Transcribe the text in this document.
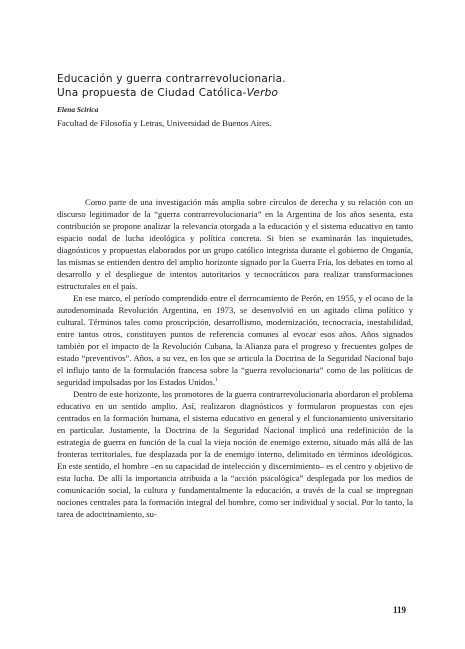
Educación y guerra contrarrevolucionaria.
Una propuesta de Ciudad Católica-Verbo

Elena Scirica

Facultad de Filosofía y Letras, Universidad de Buenos Aires.

Como parte de una investigación más amplia sobre círculos de derecha y su relación con un discurso legitimador de la “guerra contrarrevolucionaria” en la Argentina de los años sesenta, esta contribución se propone analizar la relevancia otorgada a la educación y el sistema educativo en tanto espacio nodal de lucha ideológica y política concreta. Si bien se examinarán las inquietudes, diagnósticos y propuestas elaborados por un grupo católico integrista durante el gobierno de Onganía, las mismas se entienden dentro del amplio horizonte signado por la Guerra Fría, los debates en torno al desarrollo y el despliegue de intentos autoritarios y tecnocráticos para realizar transformaciones estructurales en el país.

En ese marco, el período comprendido entre el derrocamiento de Perón, en 1955, y el ocaso de la autodenominada Revolución Argentina, en 1973, se desenvolvió en un agitado clima político y cultural. Términos tales como proscripción, desarrollismo, modernización, tecnocracia, inestabilidad, entre tantos otros, constituyen puntos de referencia comunes al evocar esos años. Años signados también por el impacto de la Revolución Cubana, la Alianza para el progreso y frecuentes golpes de estado “preventivos”. Años, a su vez, en los que se articula la Doctrina de la Seguridad Nacional bajo el influjo tanto de la formulación francesa sobre la “guerra revolucionaria” como de las políticas de seguridad impulsadas por los Estados Unidos.$^1$

Dentro de este horizonte, los promotores de la guerra contrarrevolucionaria abordaron el problema educativo en un sentido amplio. Así, realizaron diagnósticos y formularon propuestas con ejes centrados en la formación humana, el sistema educativo en general y el funcionamiento universitario en particular. Justamente, la Doctrina de la Seguridad Nacional implicó una redefinición de la estrategia de guerra en función de la cual la vieja noción de enemigo externo, situado más allá de las fronteras territoriales, fue desplazada por la de enemigo interno, delimitado en términos ideológicos. En este sentido, el hombre –en su capacidad de intelección y discernimiento– es el centro y objetivo de esta lucha. De allí la importancia atribuida a la “acción psicológica” desplegada por los medios de comunicación social, la cultura y fundamentalmente la educación, a través de la cual se impregnan nociones centrales para la formación integral del hombre, como ser individual y social. Por lo tanto, la tarea de adoctrinamiento, su-

119
